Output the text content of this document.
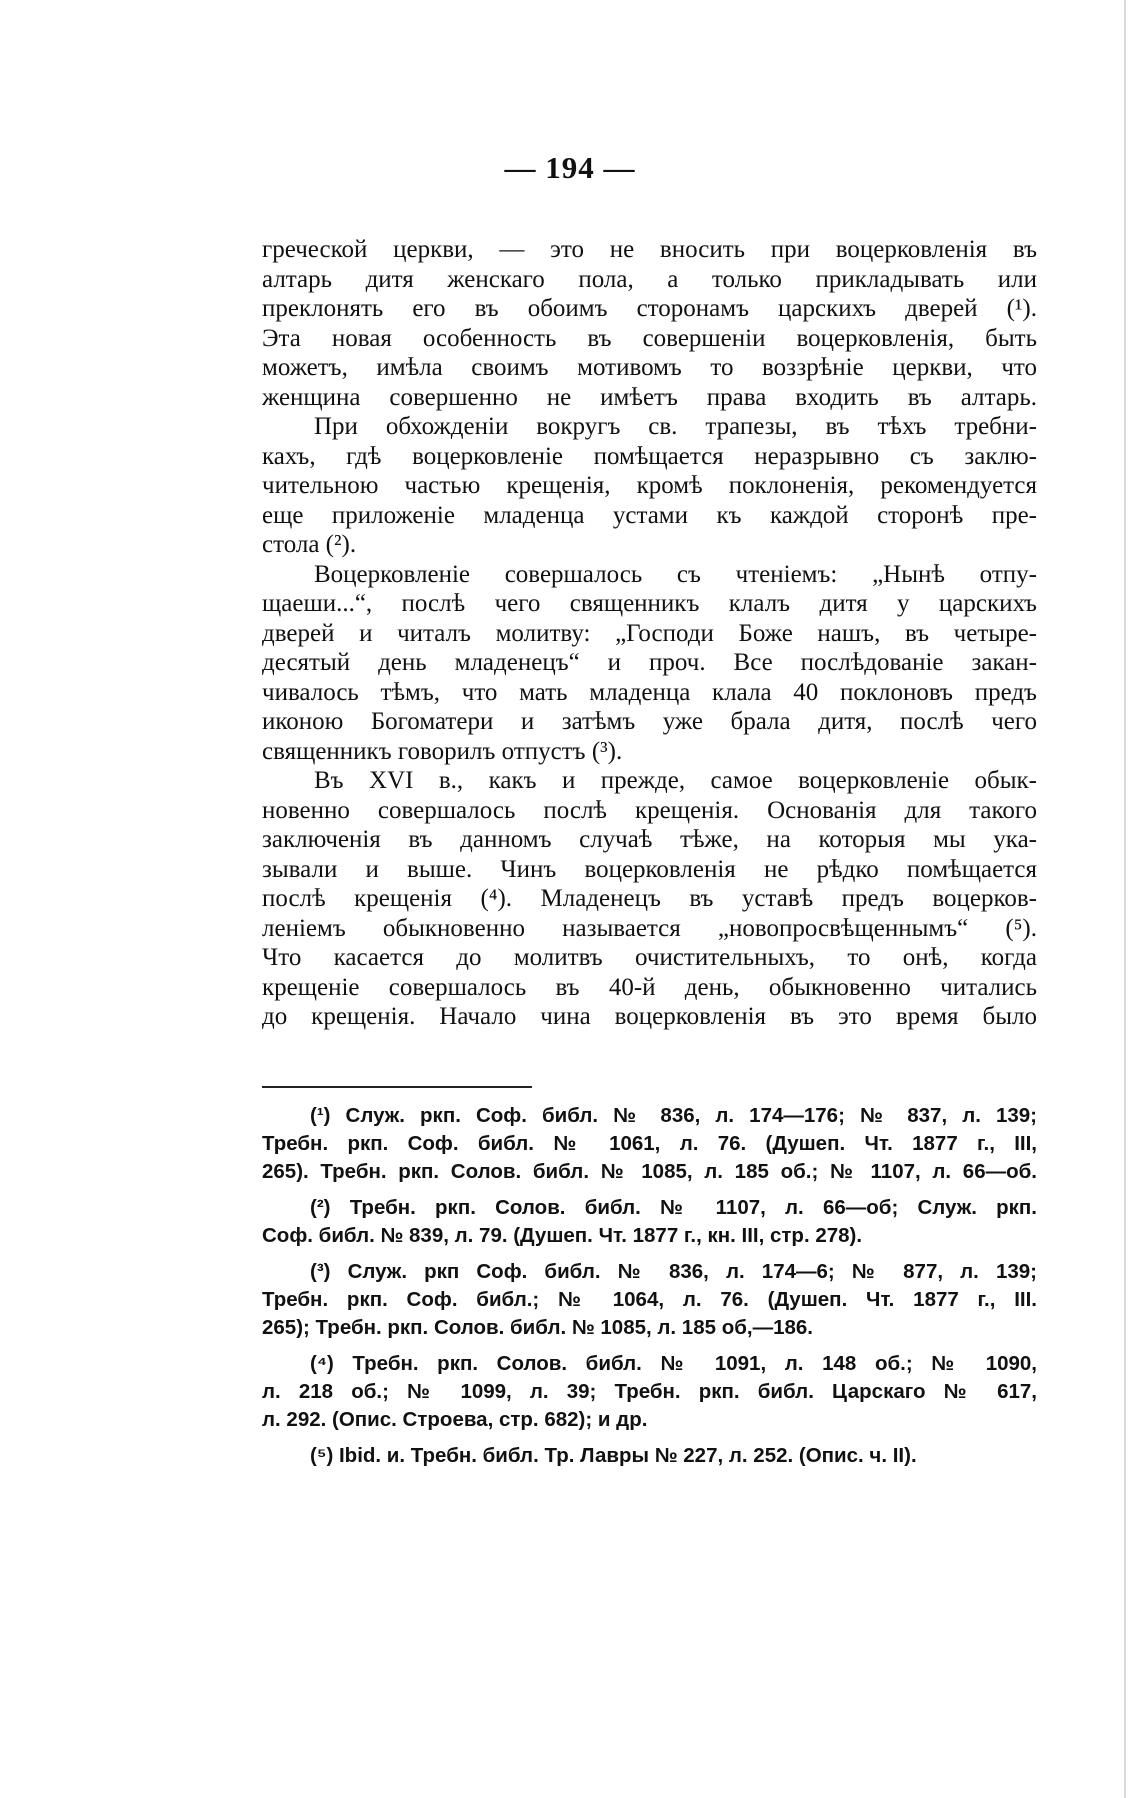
— 194 —
греческой церкви, — это не вносить при воцерковленія въ
алтарь дитя женскаго пола, а только прикладывать или
преклонять его въ обоимъ сторонамъ царскихъ дверей (¹).
Эта новая особенность въ совершеніи воцерковленія, быть
можетъ, имѣла своимъ мотивомъ то воззрѣніе церкви, что
женщина совершенно не имѣетъ права входить въ алтарь.
При обхожденіи вокругъ св. трапезы, въ тѣхъ требни-
кахъ, гдѣ воцерковленіе помѣщается неразрывно съ заклю-
чительною частью крещенія, кромѣ поклоненія, рекомендуется
еще приложеніе младенца устами къ каждой сторонѣ пре-
стола (²).
Воцерковленіе совершалось съ чтеніемъ: „Нынѣ отпу-
щаеши...“, послѣ чего священникъ клалъ дитя у царскихъ
дверей и читалъ молитву: „Господи Боже нашъ, въ четыре-
десятый день младенецъ“ и проч. Все послѣдованіе закан-
чивалось тѣмъ, что мать младенца клала 40 поклоновъ предъ
иконою Богоматери и затѣмъ уже брала дитя, послѣ чего
священникъ говорилъ отпустъ (³).
Въ XVI в., какъ и прежде, самое воцерковленіе обык-
новенно совершалось послѣ крещенія. Основанія для такого
заключенія въ данномъ случаѣ тѣже, на которыя мы ука-
зывали и выше. Чинъ воцерковленія не рѣдко помѣщается
послѣ крещенія (⁴). Младенецъ въ уставѣ предъ воцерков-
леніемъ обыкновенно называется „новопросвѣщеннымъ“ (⁵).
Что касается до молитвъ очистительныхъ, то онѣ, когда
крещеніе совершалось въ 40-й день, обыкновенно читались
до крещенія. Начало чина воцерковленія въ это время было
(¹) Служ. ркп. Соф. библ. № 836, л. 174—176; № 837, л. 139;
Требн. ркп. Соф. библ. № 1061, л. 76. (Душеп. Чт. 1877 г., III,
265). Требн. ркп. Солов. библ. № 1085, л. 185 об.; № 1107, л. 66—об.
(²) Требн. ркп. Солов. библ. № 1107, л. 66—об; Служ. ркп.
Соф. библ. № 839, л. 79. (Душеп. Чт. 1877 г., кн. III, стр. 278).
(³) Служ. ркп Соф. библ. № 836, л. 174—6; № 877, л. 139;
Требн. ркп. Соф. библ.; № 1064, л. 76. (Душеп. Чт. 1877 г., III.
265); Требн. ркп. Солов. библ. № 1085, л. 185 об,—186.
(⁴) Требн. ркп. Солов. библ. № 1091, л. 148 об.; № 1090,
л. 218 об.; № 1099, л. 39; Требн. ркп. библ. Царскаго № 617,
л. 292. (Опис. Строева, стр. 682); и др.
(⁵) Ibid. и. Требн. библ. Тр. Лавры № 227, л. 252. (Опис. ч. II).
